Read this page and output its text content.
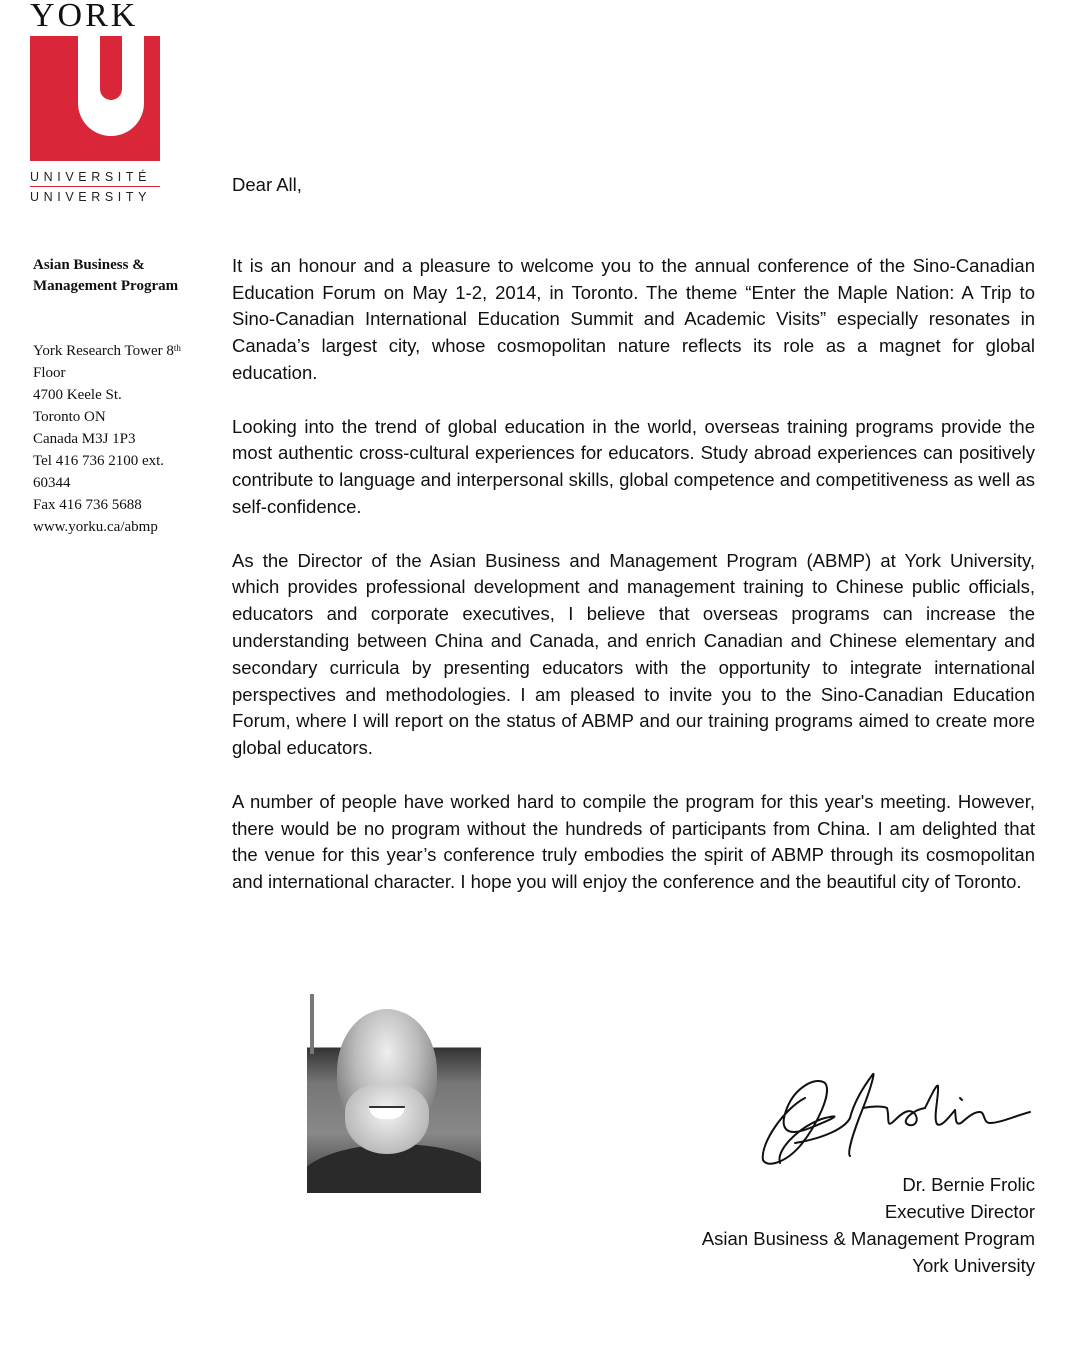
YORK
UNIVERSITÉ
UNIVERSITY
Asian Business &
Management Program
York Research Tower 8th
Floor
4700 Keele St.
Toronto ON
Canada M3J 1P3
Tel 416 736 2100 ext.
60344
Fax 416 736 5688
www.yorku.ca/abmp

Dear All,

It is an honour and a pleasure to welcome you to the annual conference of the Sino-Canadian Education Forum on May 1-2, 2014, in Toronto. The theme “Enter the Maple Nation: A Trip to Sino-Canadian International Education Summit and Academic Visits” especially resonates in Canada’s largest city, whose cosmopolitan nature reflects its role as a magnet for global education.

Looking into the trend of global education in the world, overseas training programs provide the most authentic cross-cultural experiences for educators. Study abroad experiences can positively contribute to language and interpersonal skills, global competence and competitiveness as well as self-confidence.

As the Director of the Asian Business and Management Program (ABMP) at York University, which provides professional development and management training to Chinese public officials, educators and corporate executives, I believe that overseas programs can increase the understanding between China and Canada, and enrich Canadian and Chinese elementary and secondary curricula by presenting educators with the opportunity to integrate international perspectives and methodologies. I am pleased to invite you to the Sino-Canadian Education Forum, where I will report on the status of ABMP and our training programs aimed to create more global educators.

A number of people have worked hard to compile the program for this year's meeting. However, there would be no program without the hundreds of participants from China. I am delighted that the venue for this year’s conference truly embodies the spirit of ABMP through its cosmopolitan and international character. I hope you will enjoy the conference and the beautiful city of Toronto.

Dr. Bernie Frolic
Executive Director
Asian Business & Management Program
York University
